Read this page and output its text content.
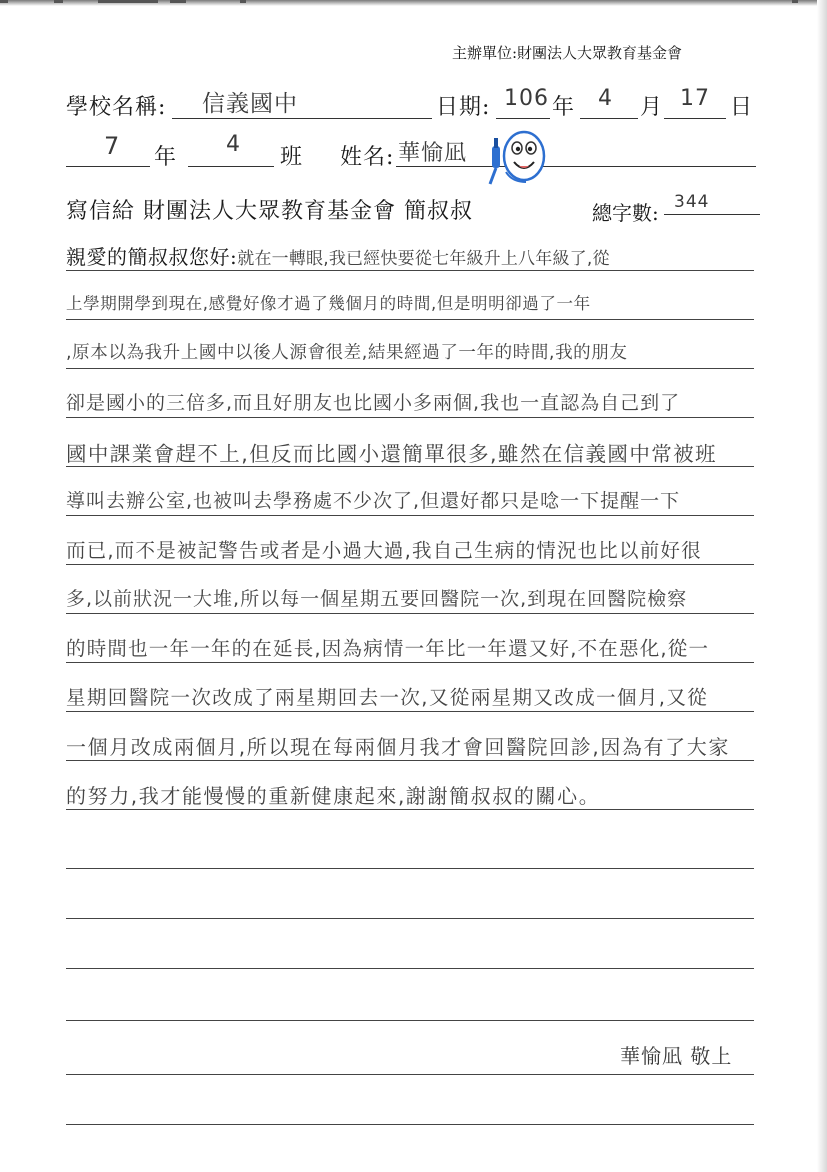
主辦單位:財團法人大眾教育基金會
學校名稱: 信義國中	日期: 106 年 4 月 17 日
7 年
4
班 姓名: 華愉凪
寫信給 財團法人大眾教育基金會 簡叔叔	總字數: 344
親愛的簡叔叔您好:就在一轉眼,我已經快要從七年級升上八年級了,從
上學期開學到現在,感覺好像才過了幾個月的時間,但是明明卻過了一年
,原本以為我升上國中以後人源會很差,結果經過了一年的時間,我的朋友
卻是國小的三倍多,而且好朋友也比國小多兩個,我也一直認為自己到了
國中課業會趕不上,但反而比國小還簡單很多,雖然在信義國中常被班
導叫去辦公室,也被叫去學務處不少次了,但還好都只是唸一下提醒一下
而已,而不是被記警告或者是小過大過,我自己生病的情況也比以前好很
多,以前狀況一大堆,所以每一個星期五要回醫院一次,到現在回醫院檢察
的時間也一年一年的在延長,因為病情一年比一年還又好,不在惡化,從一
星期回醫院一次改成了兩星期回去一次,又從兩星期又改成一個月,又從
一個月改成兩個月,所以現在每兩個月我才會回醫院回診,因為有了大家
的努力,我才能慢慢的重新健康起來,謝謝簡叔叔的關心。
華愉凪 敬上
